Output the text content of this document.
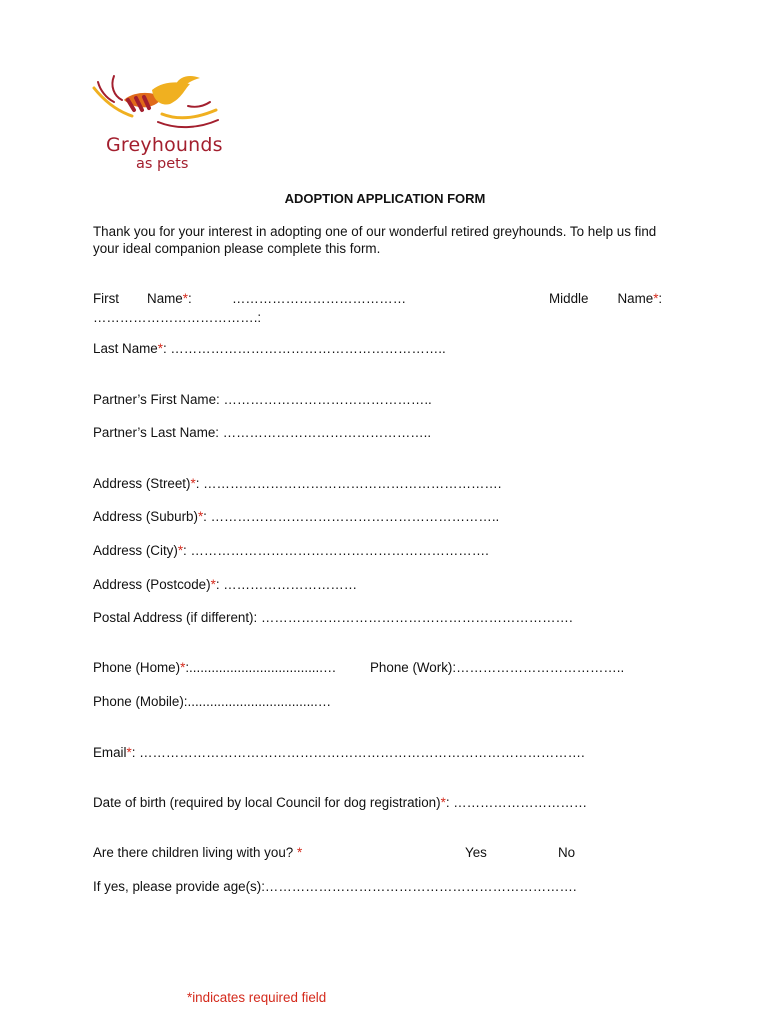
Greyhounds
as pets
ADOPTION APPLICATION FORM
Thank you for your interest in adopting one of our wonderful retired greyhounds. To help us find your ideal companion please complete this form.
First Name*:	…………………………………	Middle Name*:
……………………………….:
Last Name*: ……………………………………………………..
Partner’s First Name: ………………………………………..
Partner’s Last Name: ………………………………………..
Address (Street)*: ………………………………………………………….
Address (Suburb)*: ………………………………………………………..
Address (City)*: ………………………………………………………….
Address (Postcode)*: …………………………
Postal Address (if different): …………………………………………………………….
Phone (Home)*:....................................…	Phone (Work):………………………………..
Phone (Mobile):...................................…
Email*: ……………………………………………………………………………………….
Date of birth (required by local Council for dog registration)*: …………………………
Are there children living with you? *	Yes	No
If yes, please provide age(s):…………………………………………………………….
*indicates required field
